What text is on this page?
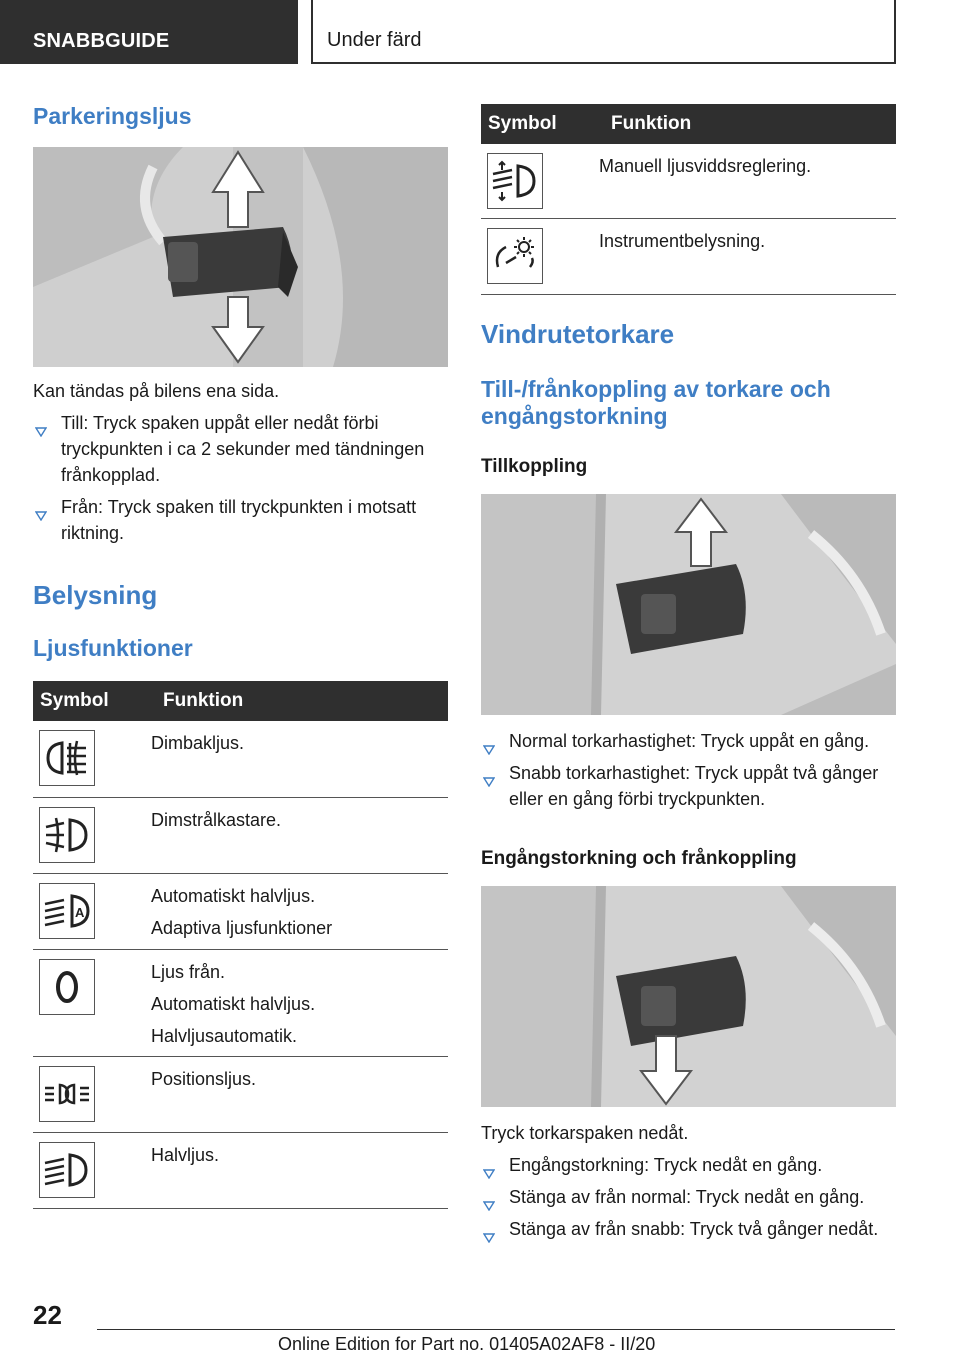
SNABBGUIDE	Under färd
Parkeringsljus
Kan tändas på bilens ena sida.
Till: Tryck spaken uppåt eller nedåt förbi tryckpunkten i ca 2 sekunder med tändningen frånkopplad.
Från: Tryck spaken till tryckpunkten i motsatt riktning.
Belysning
Ljusfunktioner
Symbol	Funktion

Dimbakljus.

Dimstrålkastare.

A	Automatiskt halvljus.
Adaptiva ljusfunktioner

Ljus från.
Automatiskt halvljus.
Halvljusautomatik.

Positionsljus.

Halvljus.
Symbol	Funktion

Manuell ljusviddsreglering.

Instrumentbelysning.
Vindrutetorkare
Till-/frånkoppling av torkare och engångstorkning
Tillkoppling
Normal torkarhastighet: Tryck uppåt en gång.
Snabb torkarhastighet: Tryck uppåt två gånger eller en gång förbi tryckpunkten.
Engångstorkning och frånkoppling
Tryck torkarspaken nedåt.
Engångstorkning: Tryck nedåt en gång.
Stänga av från normal: Tryck nedåt en gång.
Stänga av från snabb: Tryck två gånger nedåt.
22
Online Edition for Part no. 01405A02AF8 - II/20
